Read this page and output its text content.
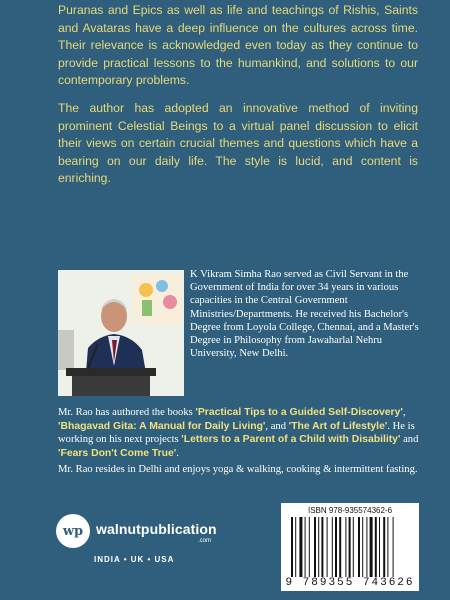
Puranas and Epics as well as life and teachings of Rishis, Saints and Avataras have a deep influence on the cultures across time. Their relevance is acknowledged even today as they continue to provide practical lessons to the humankind, and solutions to our contemporary problems.

The author has adopted an innovative method of inviting prominent Celestial Beings to a virtual panel discussion to elicit their views on certain crucial themes and questions which have a bearing on our daily life. The style is lucid, and content is enriching.

K Vikram Simha Rao served as Civil Servant in the Government of India for over 34 years in various capacities in the Central Government Ministries/Departments. He received his Bachelor's Degree from Loyola College, Chennai, and a Master's Degree in Philosophy from Jawaharlal Nehru University, New Delhi.

Mr. Rao has authored the books 'Practical Tips to a Guided Self-Discovery', 'Bhagavad Gita: A Manual for Daily Living', and 'The Art of Lifestyle'. He is working on his next projects 'Letters to a Parent of a Child with Disability' and 'Fears Don't Come True'.

Mr. Rao resides in Delhi and enjoys yoga & walking, cooking & intermittent fasting.

wp walnutpublication
.com
INDIA • UK • USA
ISBN 978-935574362-6
9 789355 743626
